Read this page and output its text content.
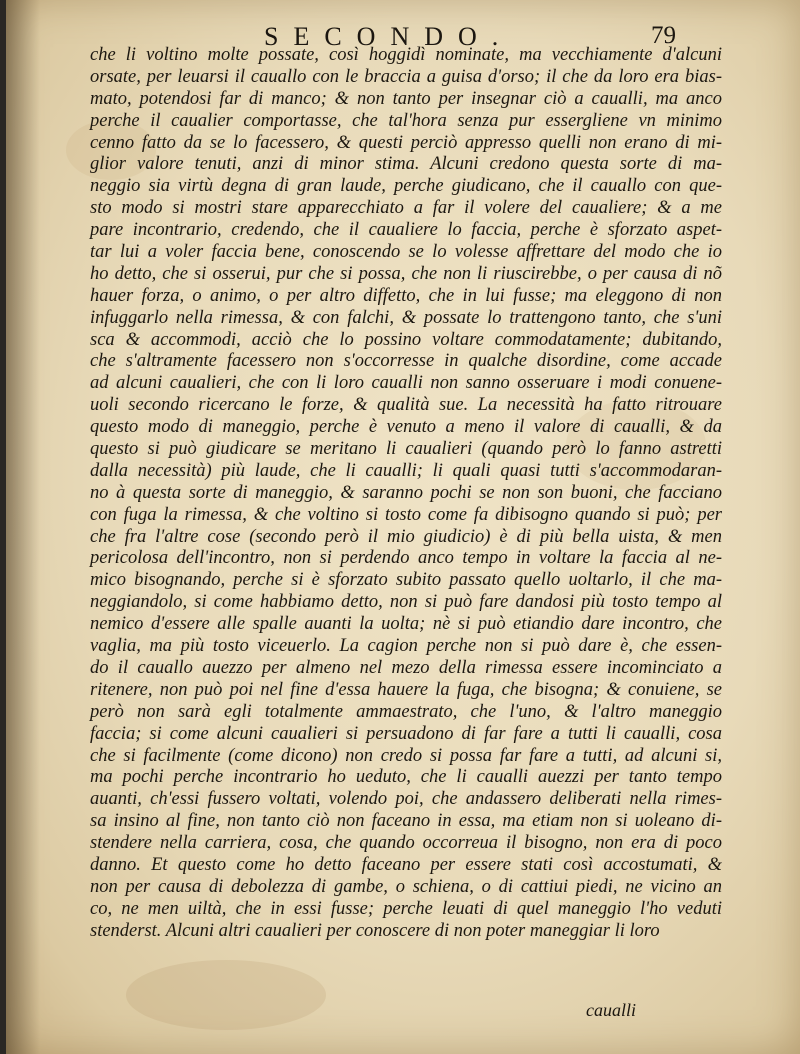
SECONDO.	79
che li voltino molte possate, così hoggidì nominate, ma vecchiamente d'alcuni
orsate, per leuarsi il cauallo con le braccia a guisa d'orso; il che da loro era bias-
mato, potendosi far di manco; & non tanto per insegnar ciò a caualli, ma anco
perche il caualier comportasse, che tal'hora senza pur essergliene vn minimo
cenno fatto da se lo facessero, & questi perciò appresso quelli non erano di mi-
glior valore tenuti, anzi di minor stima. Alcuni credono questa sorte di ma-
neggio sia virtù degna di gran laude, perche giudicano, che il cauallo con que-
sto modo si mostri stare apparecchiato a far il volere del caualiere; & a me
pare incontrario, credendo, che il caualiere lo faccia, perche è sforzato aspet-
tar lui a voler faccia bene, conoscendo se lo volesse affrettare del modo che io
ho detto, che si osserui, pur che si possa, che non li riuscirebbe, o per causa di nõ
hauer forza, o animo, o per altro diffetto, che in lui fusse; ma eleggono di non
infuggarlo nella rimessa, & con falchi, & possate lo trattengono tanto, che s'uni
sca & accommodi, acciò che lo possino voltare commodatamente; dubitando,
che s'altramente facessero non s'occorresse in qualche disordine, come accade
ad alcuni caualieri, che con li loro caualli non sanno osseruare i modi conuene-
uoli secondo ricercano le forze, & qualità sue. La necessità ha fatto ritrouare
questo modo di maneggio, perche è venuto a meno il valore di caualli, & da
questo si può giudicare se meritano li caualieri (quando però lo fanno astretti
dalla necessità) più laude, che li caualli; li quali quasi tutti s'accommodaran-
no à questa sorte di maneggio, & saranno pochi se non son buoni, che facciano
con fuga la rimessa, & che voltino si tosto come fa dibisogno quando si può; per
che fra l'altre cose (secondo però il mio giudicio) è di più bella uista, & men
pericolosa dell'incontro, non si perdendo anco tempo in voltare la faccia al ne-
mico bisognando, perche si è sforzato subito passato quello uoltarlo, il che ma-
neggiandolo, si come habbiamo detto, non si può fare dandosi più tosto tempo al
nemico d'essere alle spalle auanti la uolta; nè si può etiandio dare incontro, che
vaglia, ma più tosto viceuerlo. La cagion perche non si può dare è, che essen-
do il cauallo auezzo per almeno nel mezo della rimessa essere incominciato a
ritenere, non può poi nel fine d'essa hauere la fuga, che bisogna; & conuiene, se
però non sarà egli totalmente ammaestrato, che l'uno, & l'altro maneggio
faccia; si come alcuni caualieri si persuadono di far fare a tutti li caualli, cosa
che si facilmente (come dicono) non credo si possa far fare a tutti, ad alcuni si,
ma pochi perche incontrario ho ueduto, che li caualli auezzi per tanto tempo
auanti, ch'essi fussero voltati, volendo poi, che andassero deliberati nella rimes-
sa insino al fine, non tanto ciò non faceano in essa, ma etiam non si uoleano di-
stendere nella carriera, cosa, che quando occorreua il bisogno, non era di poco
danno. Et questo come ho detto faceano per essere stati così accostumati, &
non per causa di debolezza di gambe, o schiena, o di cattiui piedi, ne vicino an
co, ne men uiltà, che in essi fusse; perche leuati di quel maneggio l'ho veduti
stenderst. Alcuni altri caualieri per conoscere di non poter maneggiar li loro
caualli
